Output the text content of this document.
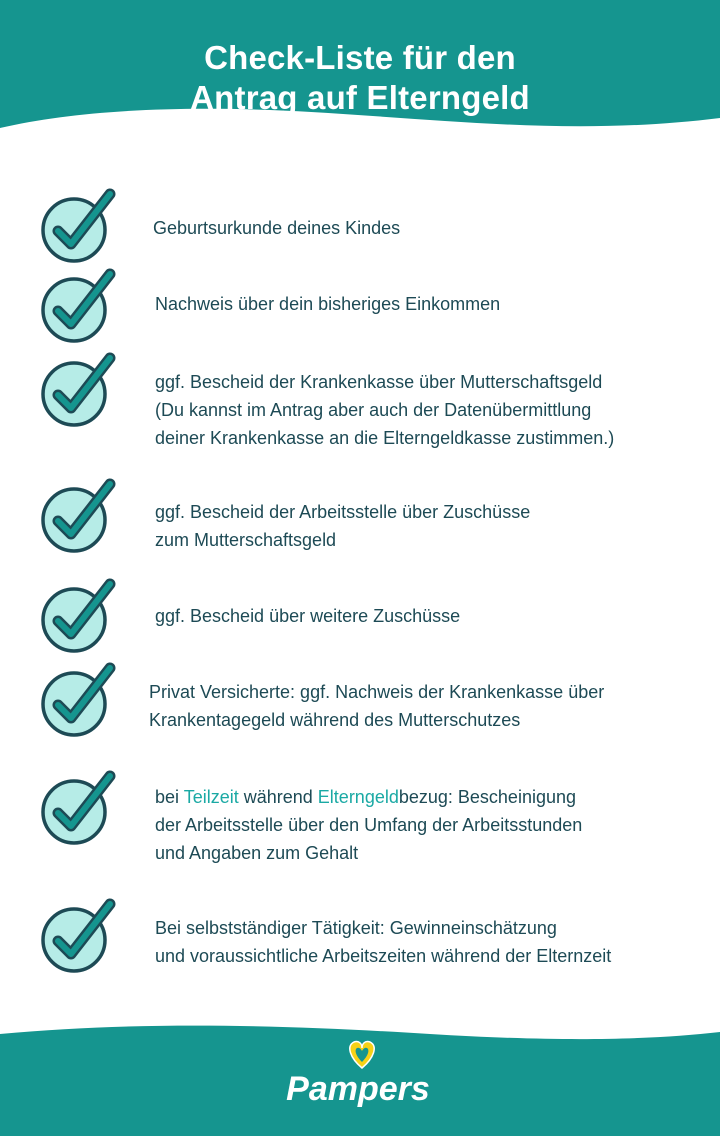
Check-Liste für den
Antrag auf Elterngeld

Geburtsurkunde deines Kindes

Nachweis über dein bisheriges Einkommen

ggf. Bescheid der Krankenkasse über Mutterschaftsgeld
(Du kannst im Antrag aber auch der Datenübermittlung
deiner Krankenkasse an die Elterngeldkasse zustimmen.)

ggf. Bescheid der Arbeitsstelle über Zuschüsse
zum Mutterschaftsgeld

ggf. Bescheid über weitere Zuschüsse

Privat Versicherte: ggf. Nachweis der Krankenkasse über
Krankentagegeld während des Mutterschutzes

bei Teilzeit während Elterngeldbezug: Bescheinigung
der Arbeitsstelle über den Umfang der Arbeitsstunden
und Angaben zum Gehalt

Bei selbstständiger Tätigkeit: Gewinneinschätzung
und voraussichtliche Arbeitszeiten während der Elternzeit

Pampers
